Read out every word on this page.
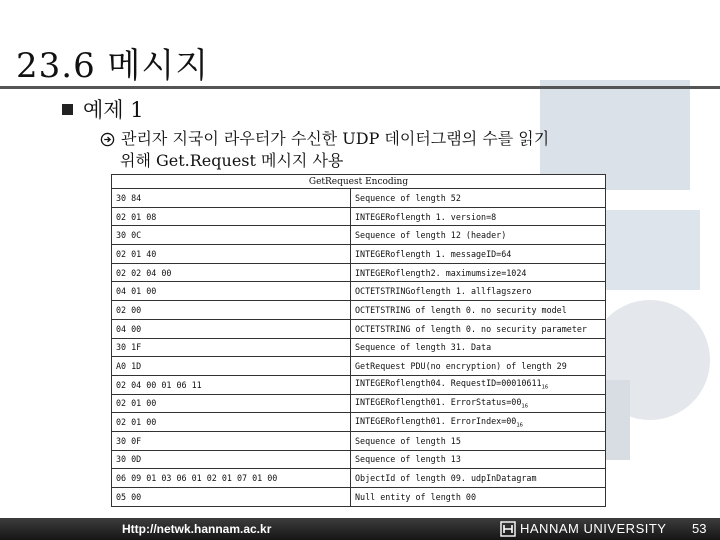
23.6 메시지
예제 1
관리자 지국이 라우터가 수신한 UDP 데이터그램의 수를 읽기
위해 Get.Request 메시지 사용
GetRequest Encoding	
30 84	Sequence of length 52
02 01 08	INTEGERoflength 1. version=8
30 0C	Sequence of length 12 (header)
02 01 40	INTEGERoflength 1. messageID=64
02 02 04 00	INTEGERoflength2. maximumsize=1024
04 01 00	OCTETSTRINGoflength 1. allflagszero
02 00	OCTETSTRING of length 0. no security model
04 00	OCTETSTRING of length 0. no security parameter
30 1F	Sequence of length 31. Data
A0 1D	GetRequest PDU(no encryption) of length 29
02 04 00 01 06 11	INTEGERoflength04. $RequestID=00010611_{16}$
02 01 00	INTEGERoflength01. $ErrorStatus=00_{16}$
02 01 00	INTEGERoflength01. $ErrorIndex=00_{16}$
30 0F	Sequence of length 15
30 0D	Sequence of length 13
06 09 01 03 06 01 02 01 07 01 00	ObjectId of length 09. udpInDatagram
05 00	Null entity of length 00
Http://netwk.hannam.ac.kr	HANNAM UNIVERSITY 53
